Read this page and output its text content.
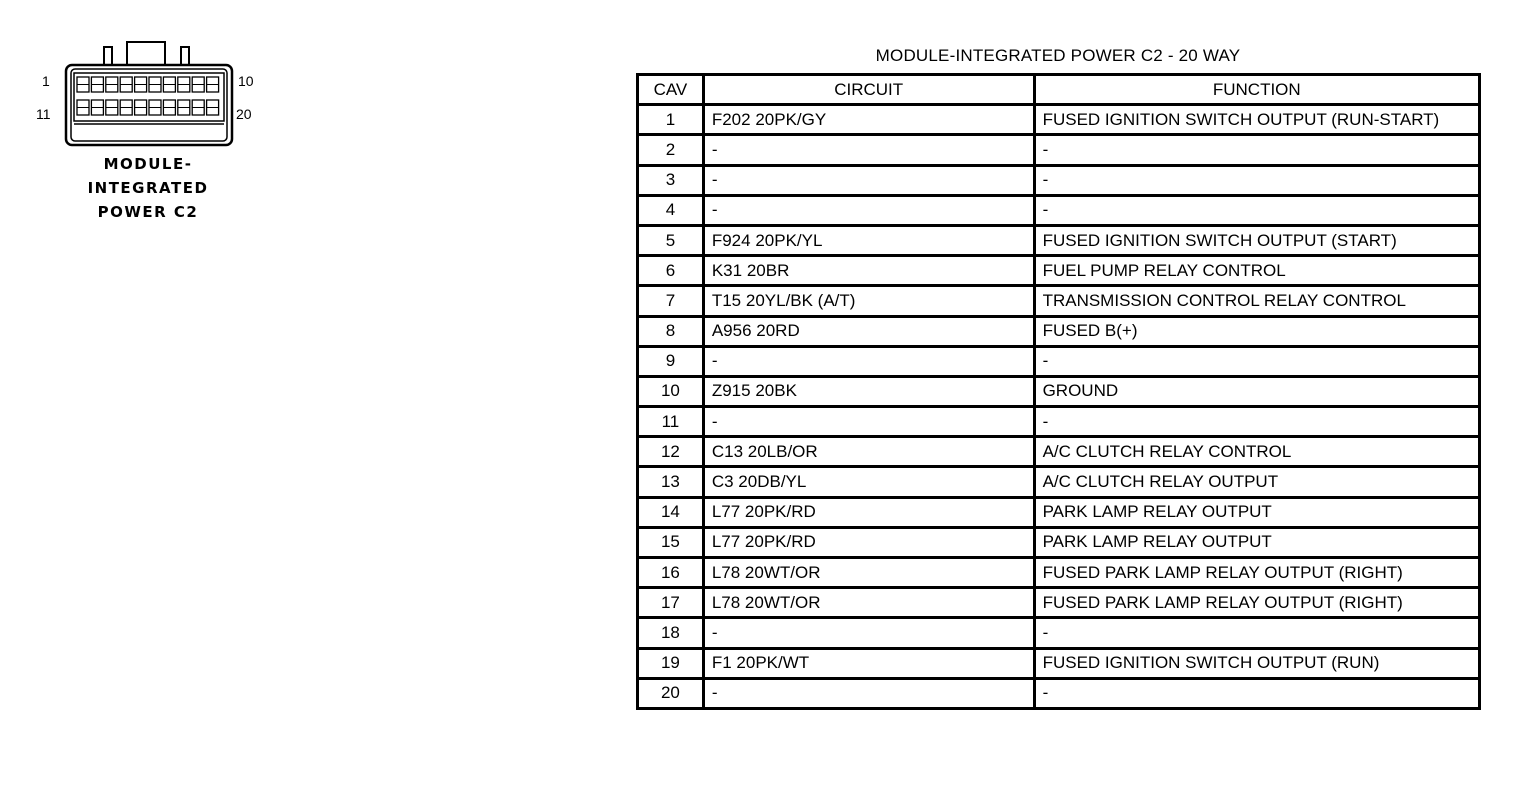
1
11
10
20
MODULE-
INTEGRATED
POWER C2
MODULE-INTEGRATED POWER C2 - 20 WAY
CAV	CIRCUIT	FUNCTION
1	F202 20PK/GY	FUSED IGNITION SWITCH OUTPUT (RUN-START)
2	-	-
3	-	-
4	-	-
5	F924 20PK/YL	FUSED IGNITION SWITCH OUTPUT (START)
6	K31 20BR	FUEL PUMP RELAY CONTROL
7	T15 20YL/BK (A/T)	TRANSMISSION CONTROL RELAY CONTROL
8	A956 20RD	FUSED B(+)
9	-	-
10	Z915 20BK	GROUND
11	-	-
12	C13 20LB/OR	A/C CLUTCH RELAY CONTROL
13	C3 20DB/YL	A/C CLUTCH RELAY OUTPUT
14	L77 20PK/RD	PARK LAMP RELAY OUTPUT
15	L77 20PK/RD	PARK LAMP RELAY OUTPUT
16	L78 20WT/OR	FUSED PARK LAMP RELAY OUTPUT (RIGHT)
17	L78 20WT/OR	FUSED PARK LAMP RELAY OUTPUT (RIGHT)
18	-	-
19	F1 20PK/WT	FUSED IGNITION SWITCH OUTPUT (RUN)
20	-	-
